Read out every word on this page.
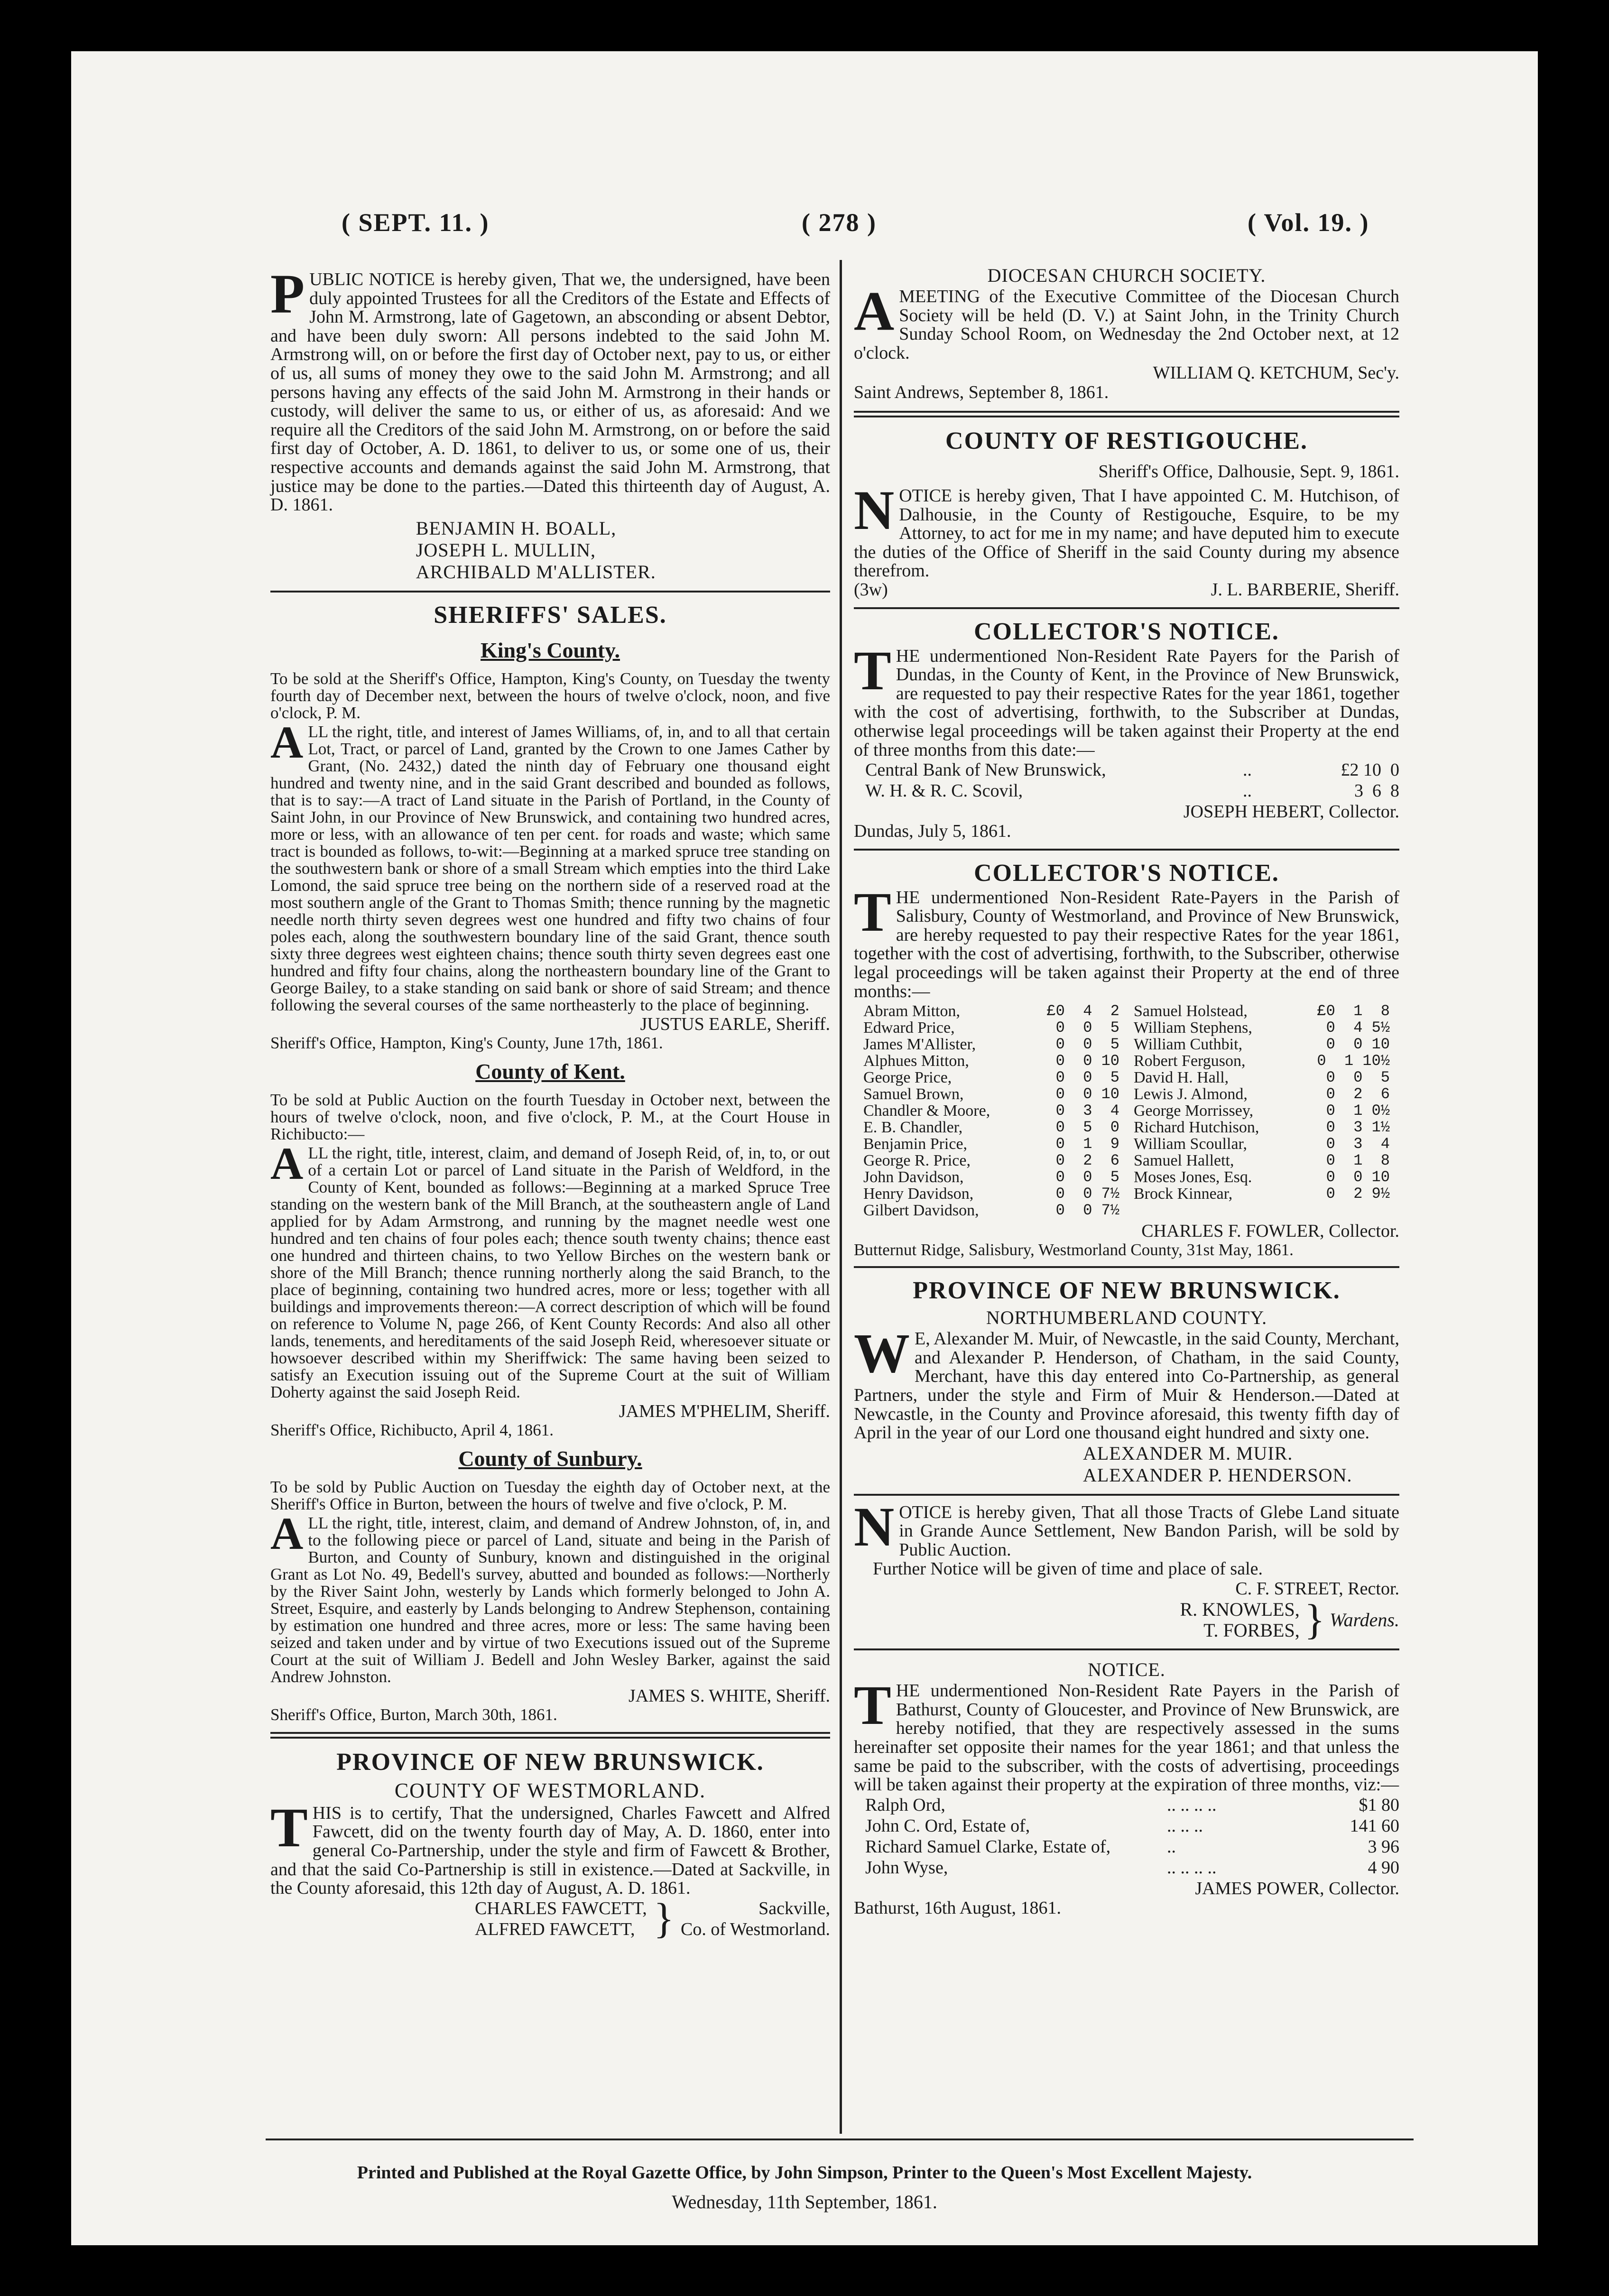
( SEPT. 11. )	( 278 )	( Vol. 19. )

PUBLIC NOTICE is hereby given, That we, the undersigned, have been duly appointed Trustees for all the Creditors of the Estate and Effects of John M. Armstrong, late of Gagetown, an absconding or absent Debtor, and have been duly sworn: All persons indebted to the said John M. Armstrong will, on or before the first day of October next, pay to us, or either of us, all sums of money they owe to the said John M. Armstrong; and all persons having any effects of the said John M. Armstrong in their hands or custody, will deliver the same to us, or either of us, as aforesaid: And we require all the Creditors of the said John M. Armstrong, on or before the said first day of October, A. D. 1861, to deliver to us, or some one of us, their respective accounts and demands against the said John M. Armstrong, that justice may be done to the parties.—Dated this thirteenth day of August, A. D. 1861.

BENJAMIN H. BOALL,
JOSEPH L. MULLIN,
ARCHIBALD M'ALLISTER.
SHERIFFS' SALES.
King's County.

To be sold at the Sheriff's Office, Hampton, King's County, on Tuesday the twenty fourth day of December next, between the hours of twelve o'clock, noon, and five o'clock, P. M.

ALL the right, title, and interest of James Williams, of, in, and to all that certain Lot, Tract, or parcel of Land, granted by the Crown to one James Cather by Grant, (No. 2432,) dated the ninth day of February one thousand eight hundred and twenty nine, and in the said Grant described and bounded as follows, that is to say:—A tract of Land situate in the Parish of Portland, in the County of Saint John, in our Province of New Brunswick, and containing two hundred acres, more or less, with an allowance of ten per cent. for roads and waste; which same tract is bounded as follows, to-wit:—Beginning at a marked spruce tree standing on the southwestern bank or shore of a small Stream which empties into the third Lake Lomond, the said spruce tree being on the northern side of a reserved road at the most southern angle of the Grant to Thomas Smith; thence running by the magnetic needle north thirty seven degrees west one hundred and fifty two chains of four poles each, along the southwestern boundary line of the said Grant, thence south sixty three degrees west eighteen chains; thence south thirty seven degrees east one hundred and fifty four chains, along the northeastern boundary line of the Grant to George Bailey, to a stake standing on said bank or shore of said Stream; and thence following the several courses of the same northeasterly to the place of beginning.

JUSTUS EARLE, Sheriff.
Sheriff's Office, Hampton, King's County, June 17th, 1861.
County of Kent.

To be sold at Public Auction on the fourth Tuesday in October next, between the hours of twelve o'clock, noon, and five o'clock, P. M., at the Court House in Richibucto:—

ALL the right, title, interest, claim, and demand of Joseph Reid, of, in, to, or out of a certain Lot or parcel of Land situate in the Parish of Weldford, in the County of Kent, bounded as follows:—Beginning at a marked Spruce Tree standing on the western bank of the Mill Branch, at the southeastern angle of Land applied for by Adam Armstrong, and running by the magnet needle west one hundred and ten chains of four poles each; thence south twenty chains; thence east one hundred and thirteen chains, to two Yellow Birches on the western bank or shore of the Mill Branch; thence running northerly along the said Branch, to the place of beginning, containing two hundred acres, more or less; together with all buildings and improvements thereon:—A correct description of which will be found on reference to Volume N, page 266, of Kent County Records: And also all other lands, tenements, and hereditaments of the said Joseph Reid, wheresoever situate or howsoever described within my Sheriffwick: The same having been seized to satisfy an Execution issuing out of the Supreme Court at the suit of William Doherty against the said Joseph Reid.

JAMES M'PHELIM, Sheriff.
Sheriff's Office, Richibucto, April 4, 1861.
County of Sunbury.

To be sold by Public Auction on Tuesday the eighth day of October next, at the Sheriff's Office in Burton, between the hours of twelve and five o'clock, P. M.

ALL the right, title, interest, claim, and demand of Andrew Johnston, of, in, and to the following piece or parcel of Land, situate and being in the Parish of Burton, and County of Sunbury, known and distinguished in the original Grant as Lot No. 49, Bedell's survey, abutted and bounded as follows:—Northerly by the River Saint John, westerly by Lands which formerly belonged to John A. Street, Esquire, and easterly by Lands belonging to Andrew Stephenson, containing by estimation one hundred and three acres, more or less: The same having been seized and taken under and by virtue of two Executions issued out of the Supreme Court at the suit of William J. Bedell and John Wesley Barker, against the said Andrew Johnston.

JAMES S. WHITE, Sheriff.
Sheriff's Office, Burton, March 30th, 1861.
PROVINCE OF NEW BRUNSWICK.
COUNTY OF WESTMORLAND.

THIS is to certify, That the undersigned, Charles Fawcett and Alfred Fawcett, did on the twenty fourth day of May, A. D. 1860, enter into general Co-Partnership, under the style and firm of Fawcett & Brother, and that the said Co-Partnership is still in existence.—Dated at Sackville, in the County aforesaid, this 12th day of August, A. D. 1861.

CHARLES FAWCETT,
ALFRED FAWCETT, }	Sackville,
Co. of Westmorland.
DIOCESAN CHURCH SOCIETY.

AMEETING of the Executive Committee of the Diocesan Church Society will be held (D. V.) at Saint John, in the Trinity Church Sunday School Room, on Wednesday the 2nd October next, at 12 o'clock.

WILLIAM Q. KETCHUM, Sec'y.
Saint Andrews, September 8, 1861.
COUNTY OF RESTIGOUCHE.
Sheriff's Office, Dalhousie, Sept. 9, 1861.

NOTICE is hereby given, That I have appointed C. M. Hutchison, of Dalhousie, in the County of Restigouche, Esquire, to be my Attorney, to act for me in my name; and have deputed him to execute the duties of the Office of Sheriff in the said County during my absence therefrom.

(3w)	J. L. BARBERIE, Sheriff.
COLLECTOR'S NOTICE.

THE undermentioned Non-Resident Rate Payers for the Parish of Dundas, in the County of Kent, in the Province of New Brunswick, are requested to pay their respective Rates for the year 1861, together with the cost of advertising, forthwith, to the Subscriber at Dundas, otherwise legal proceedings will be taken against their Property at the end of three months from this date:—

Central Bank of New Brunswick,	..	£2 10  0
W. H. & R. C. Scovil,	..	3  6  8
JOSEPH HEBERT, Collector.
Dundas, July 5, 1861.
COLLECTOR'S NOTICE.

THE undermentioned Non-Resident Rate-Payers in the Parish of Salisbury, County of Westmorland, and Province of New Brunswick, are hereby requested to pay their respective Rates for the year 1861, together with the cost of advertising, forthwith, to the Subscriber, otherwise legal proceedings will be taken against their Property at the end of three months:—

Abram Mitton,	£0  4  2
Edward Price,	0  0  5
James M'Allister,	0  0  5
Alphues Mitton,	0  0 10
George Price,	0  0  5
Samuel Brown,	0  0 10
Chandler & Moore,	0  3  4
E. B. Chandler,	0  5  0
Benjamin Price,	0  1  9
George R. Price,	0  2  6
John Davidson,	0  0  5
Henry Davidson,	0  0 7½
Gilbert Davidson,	0  0 7½
Samuel Holstead,	£0  1  8
William Stephens,	0  4 5½
William Cuthbit,	0  0 10
Robert Ferguson,	0  1 10½
David H. Hall,	0  0  5
Lewis J. Almond,	0  2  6
George Morrissey,	0  1 0½
Richard Hutchison,	0  3 1½
William Scoullar,	0  3  4
Samuel Hallett,	0  1  8
Moses Jones, Esq.	0  0 10
Brock Kinnear,	0  2 9½
CHARLES F. FOWLER, Collector.
Butternut Ridge, Salisbury, Westmorland County, 31st May, 1861.
PROVINCE OF NEW BRUNSWICK.
NORTHUMBERLAND COUNTY.

W E, Alexander M. Muir, of Newcastle, in the said County, Merchant, and Alexander P. Henderson, of Chatham, in the said County, Merchant, have this day entered into Co-Partnership, as general Partners, under the style and Firm of Muir & Henderson.—Dated at Newcastle, in the County and Province aforesaid, this twenty fifth day of April in the year of our Lord one thousand eight hundred and sixty one.

ALEXANDER M. MUIR.
ALEXANDER P. HENDERSON.

NOTICE is hereby given, That all those Tracts of Glebe Land situate in Grande Aunce Settlement, New Bandon Parish, will be sold by Public Auction.

Further Notice will be given of time and place of sale.

C. F. STREET, Rector.
R. KNOWLES,
T. FORBES, } Wardens.
NOTICE.

THE undermentioned Non-Resident Rate Payers in the Parish of Bathurst, County of Gloucester, and Province of New Brunswick, are hereby notified, that they are respectively assessed in the sums hereinafter set opposite their names for the year 1861; and that unless the same be paid to the subscriber, with the costs of advertising, proceedings will be taken against their property at the expiration of three months, viz:—

Ralph Ord,	.. .. .. ..	$1 80
John C. Ord, Estate of,	.. .. ..	141 60
Richard Samuel Clarke, Estate of,	..	3 96
John Wyse,	.. .. .. ..	4 90
JAMES POWER, Collector.
Bathurst, 16th August, 1861.
Printed and Published at the Royal Gazette Office, by John Simpson, Printer to the Queen's Most Excellent Majesty.
Wednesday, 11th September, 1861.
